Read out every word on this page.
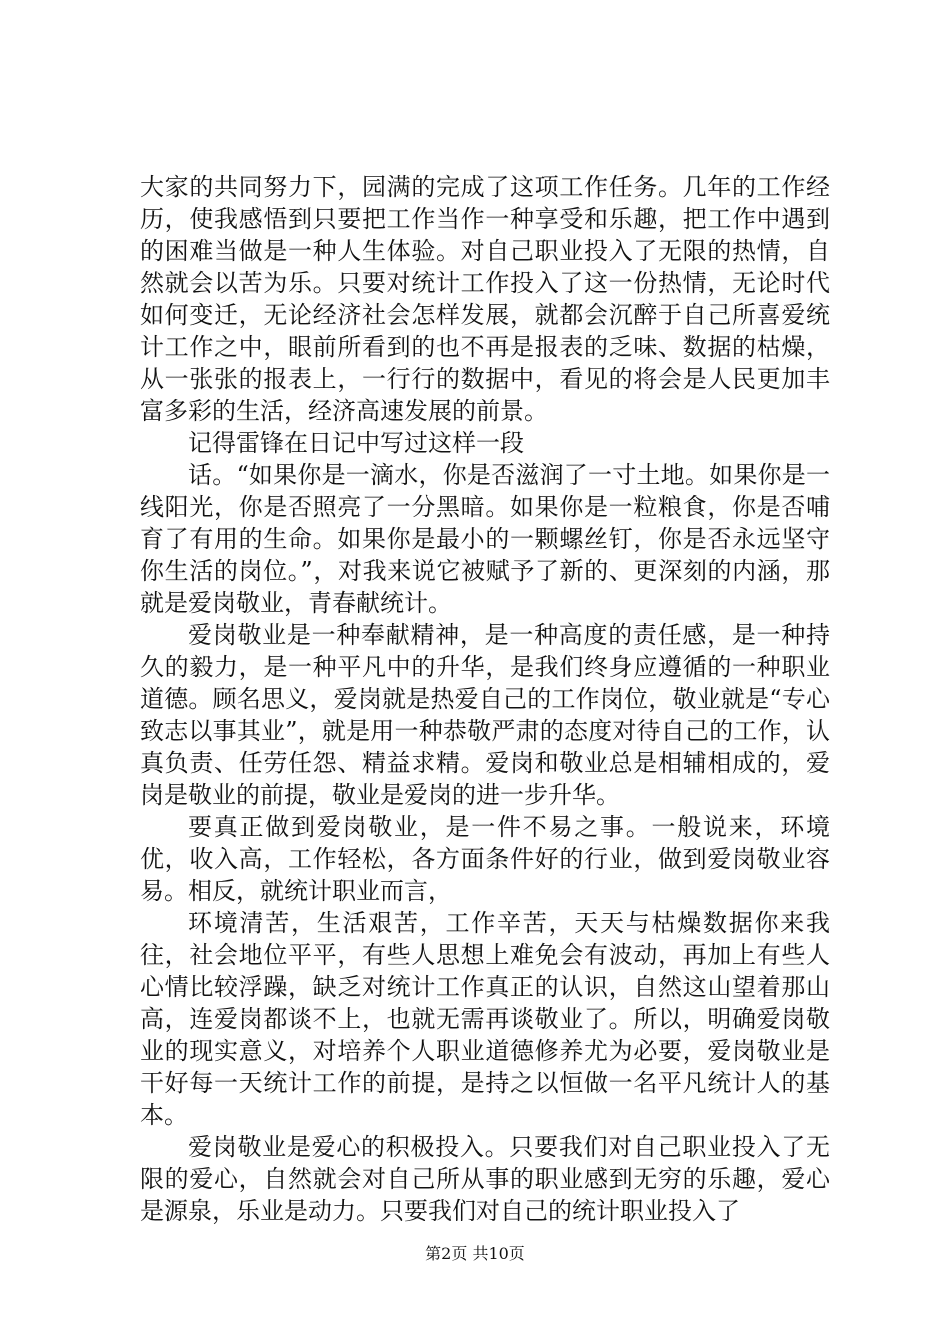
大家的共同努力下，园满的完成了这项工作任务。几年的工作经历，使我感悟到只要把工作当作一种享受和乐趣，把工作中遇到的困难当做是一种人生体验。对自己职业投入了无限的热情，自然就会以苦为乐。只要对统计工作投入了这一份热情，无论时代如何变迁，无论经济社会怎样发展，就都会沉醉于自己所喜爱统计工作之中，眼前所看到的也不再是报表的乏味、数据的枯燥，从一张张的报表上，一行行的数据中，看见的将会是人民更加丰富多彩的生活，经济高速发展的前景。

记得雷锋在日记中写过这样一段

话。“如果你是一滴水，你是否滋润了一寸土地。如果你是一线阳光，你是否照亮了一分黑暗。如果你是一粒粮食，你是否哺育了有用的生命。如果你是最小的一颗螺丝钉，你是否永远坚守你生活的岗位。”，对我来说它被赋予了新的、更深刻的内涵，那就是爱岗敬业，青春献统计。

爱岗敬业是一种奉献精神，是一种高度的责任感，是一种持久的毅力，是一种平凡中的升华，是我们终身应遵循的一种职业道德。顾名思义，爱岗就是热爱自己的工作岗位，敬业就是“专心致志以事其业”，就是用一种恭敬严肃的态度对待自己的工作，认真负责、任劳任怨、精益求精。爱岗和敬业总是相辅相成的，爱岗是敬业的前提，敬业是爱岗的进一步升华。

要真正做到爱岗敬业，是一件不易之事。一般说来，环境优，收入高，工作轻松，各方面条件好的行业，做到爱岗敬业容易。相反，就统计职业而言，

环境清苦，生活艰苦，工作辛苦，天天与枯燥数据你来我往，社会地位平平，有些人思想上难免会有波动，再加上有些人心情比较浮躁，缺乏对统计工作真正的认识，自然这山望着那山高，连爱岗都谈不上，也就无需再谈敬业了。所以，明确爱岗敬业的现实意义，对培养个人职业道德修养尤为必要，爱岗敬业是干好每一天统计工作的前提，是持之以恒做一名平凡统计人的基本。

爱岗敬业是爱心的积极投入。只要我们对自己职业投入了无限的爱心，自然就会对自己所从事的职业感到无穷的乐趣，爱心是源泉，乐业是动力。只要我们对自己的统计职业投入了

第2页 共10页
